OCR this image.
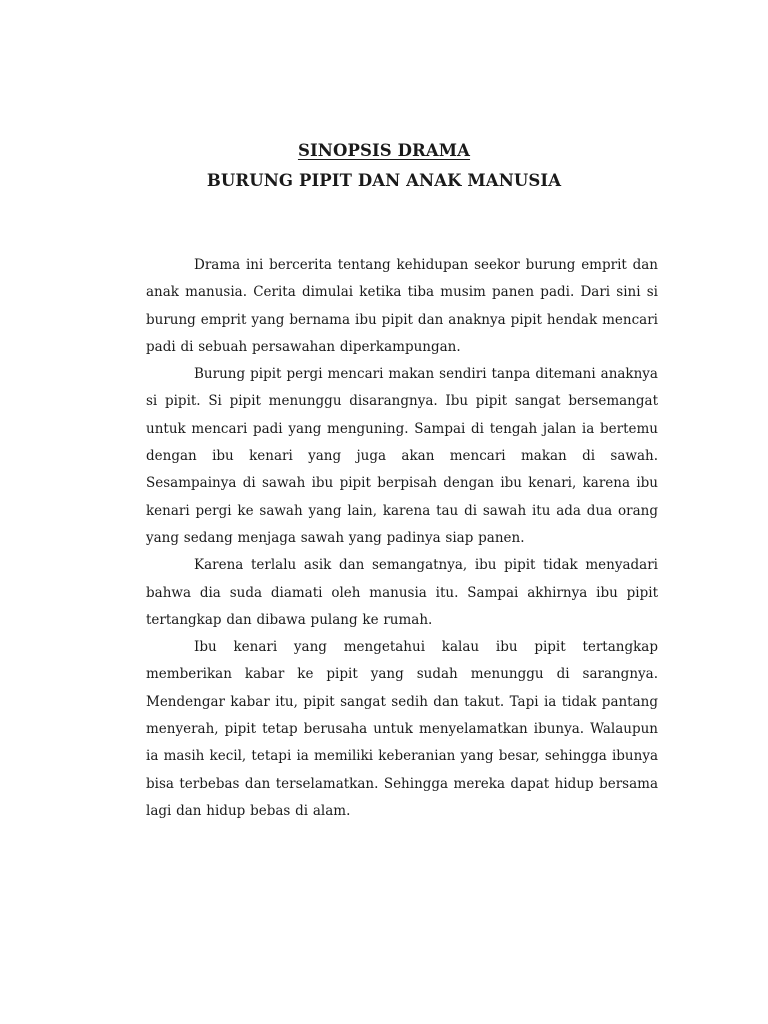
SINOPSIS DRAMA
BURUNG PIPIT DAN ANAK MANUSIA

Drama ini bercerita tentang kehidupan seekor burung emprit dan anak manusia. Cerita dimulai ketika tiba musim panen padi. Dari sini si burung emprit yang bernama ibu pipit dan anaknya pipit hendak mencari padi di sebuah persawahan diperkampungan.

Burung pipit pergi mencari makan sendiri tanpa ditemani anaknya si pipit. Si pipit menunggu disarangnya. Ibu pipit sangat bersemangat untuk mencari padi yang menguning. Sampai di tengah jalan ia bertemu dengan ibu kenari yang juga akan mencari makan di sawah. Sesampainya di sawah ibu pipit berpisah dengan ibu kenari, karena ibu kenari pergi ke sawah yang lain, karena tau di sawah itu ada dua orang yang sedang menjaga sawah yang padinya siap panen.

Karena terlalu asik dan semangatnya, ibu pipit tidak menyadari bahwa dia suda diamati oleh manusia itu. Sampai akhirnya ibu pipit tertangkap dan dibawa pulang ke rumah.

Ibu kenari yang mengetahui kalau ibu pipit tertangkap memberikan kabar ke pipit yang sudah menunggu di sarangnya. Mendengar kabar itu, pipit sangat sedih dan takut. Tapi ia tidak pantang menyerah, pipit tetap berusaha untuk menyelamatkan ibunya. Walaupun ia masih kecil, tetapi ia memiliki keberanian yang besar, sehingga ibunya bisa terbebas dan terselamatkan. Sehingga mereka dapat hidup bersama lagi dan hidup bebas di alam.
